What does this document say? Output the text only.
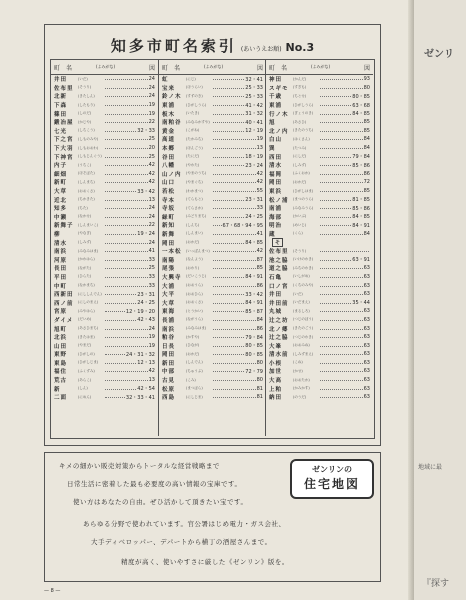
知多市町名索引 (あいうえお順) No.3
町　名	(よみがな)	図
井田	(いだ)	24
佐布里	(そうり)	24
北新	(きたしん)	24
下森	(したもり)	19
篠田	(しのだ)	19
鍛冶屋	(かじや)	22
七光	(しちこう)	32・33
下之宮	(しものみや)	25
下大羽	(しもおおわ)	20
下神宮	(しもじんぐう)	25
内子	(うちこ)	42
細畑	(ほそばた)	42
新町	(しんまち)	42
大草	(おおくさ)	33・42
近北	(ちかきた)	13
知多	(ちた)	24
中瀬	(なかせ)	24
新舞子	(しんまいこ)	22
柳	(やなぎ)	19・24
清水	(しみず)	24
南浜	(みなみはま)	41
河原	(かわはら)	33
長田	(ながた)	25
平田	(ひらた)	33
中町	(なかまち)	33
西新田	(にししんでん)	23・31
西ノ前	(にしのまえ)	24・25
宮原	(みやはら)	12・19・20
ダイメ	(だいめ)	42・43
旭町	(あさひまち)	24
北浜	(きたはま)	19
山田	(やまだ)	19
東野	(ひがしの)	24・31・32
東島	(ひがしじま)	12・13
福住	(ふくずみ)	42
荒古	(あらこ)	13
新	(しん)	42・54
二面	(にめん)	32・33・41
町　名	(よみがな)	図
虹	(にじ)	32・41
宝来	(ほうらい)	25・33
鈴ノ木	(すずのき)	25・33
東浦	(ひがしうら)	41・42
板木	(いたき)	31・32
南粕谷	(みなみかすや)	40・41
黄金	(こがね)	12・19
高道	(たかみち)	19
本郷	(ほんごう)	13
谷田	(たにだ)	18・19
八幡	(やわた)	23・24
山ノ内	(やまのうち)	42
山口	(やまぐち)	42
若松	(わかまつ)	55
寺本	(てらもと)	23・31
寺坂	(てらさか)	33
緑町	(みどりまち)	24・25
新知	(しんち)	67・68・94・95
新舞	(しんまい)	41
岡田	(おかだ)	84・85
一本松	(いっぽんまつ)	42
南陽	(なんよう)	87
尾張	(おわり)	85
大興寺	(だいこうじ)	84・91
大浦	(おおうら)	86
大平	(おおひら)	33・42
大草	(おおくさ)	84・91
東海	(とうかい)	85・87
長浦	(ながうら)	84
南浜	(みなみはま)	86
粕谷	(かすや)	79・84
日長	(ひなが)	80・85
岡田	(おかだ)	80・85
新田	(しんでん)	80
中部	(ちゅうぶ)	72・79
古見	(こみ)	80
松原	(まつばら)	81
西島	(にしじま)	81
町　名	(よみがな)	図
神田	(かんだ)	93
スギモ	(すぎも)	80
千歳	(ちとせ)	80・85
東浦	(ひがしうら)	63・68
行ノ木	(ぎょうのき)	84・85
旭	(あさひ)	85
北ノ内	(きたのうち)	85
白山	(はくさん)	84
巽	(たつみ)	84
西田	(にしだ)	79・84
清水	(しみず)	85・86
福岡	(ふくおか)	86
岡田	(おかだ)	72
東浜	(ひがしはま)	85
松ノ浦	(まつのうら)	81・85
南浦	(みなみうら)	85・86
海部	(かいぶ)	84・85
明治	(めいじ)	84・91
蔵	(くら)	84
そ
佐布里	(そうり)
池之脇	(いけのわき)	63・91
道之脇	(みちのわき)	63
石亀	(いしがめ)	63
口ノ宮	(くちのみや)	63
井田	(いだ)	63
井田前	(いだまえ)	35・44
丸城	(まるしろ)	63
辻之坊	(つじのぼう)	63
北ノ郷	(きたのごう)	63
辻之脇	(つじのわき)	63
大峯	(おおみね)	63
清水前	(しみずまえ)	63
小根	(こね)	63
加世	(かせ)	63
大高	(おおたか)	63
上粕	(かみかす)	63
納田	(のうだ)	63
ゼンリンの
住宅地図
キメの細かい販売対策からトータルな経営戦略まで
日常生活に密着した最も必要度の高い情報の宝庫です。
使い方はあなたの自由。ぜひ活かして頂きたい宝です。
あらゆる分野で使われています。官公署はじめ電力・ガス会社、
大手ディベロッパー、デパートから横丁の酒屋さんまで。
精度が高く、使いやすさに厳した《ゼンリン》版を。
— 8 —
ゼンリ
地域に最
『探す
